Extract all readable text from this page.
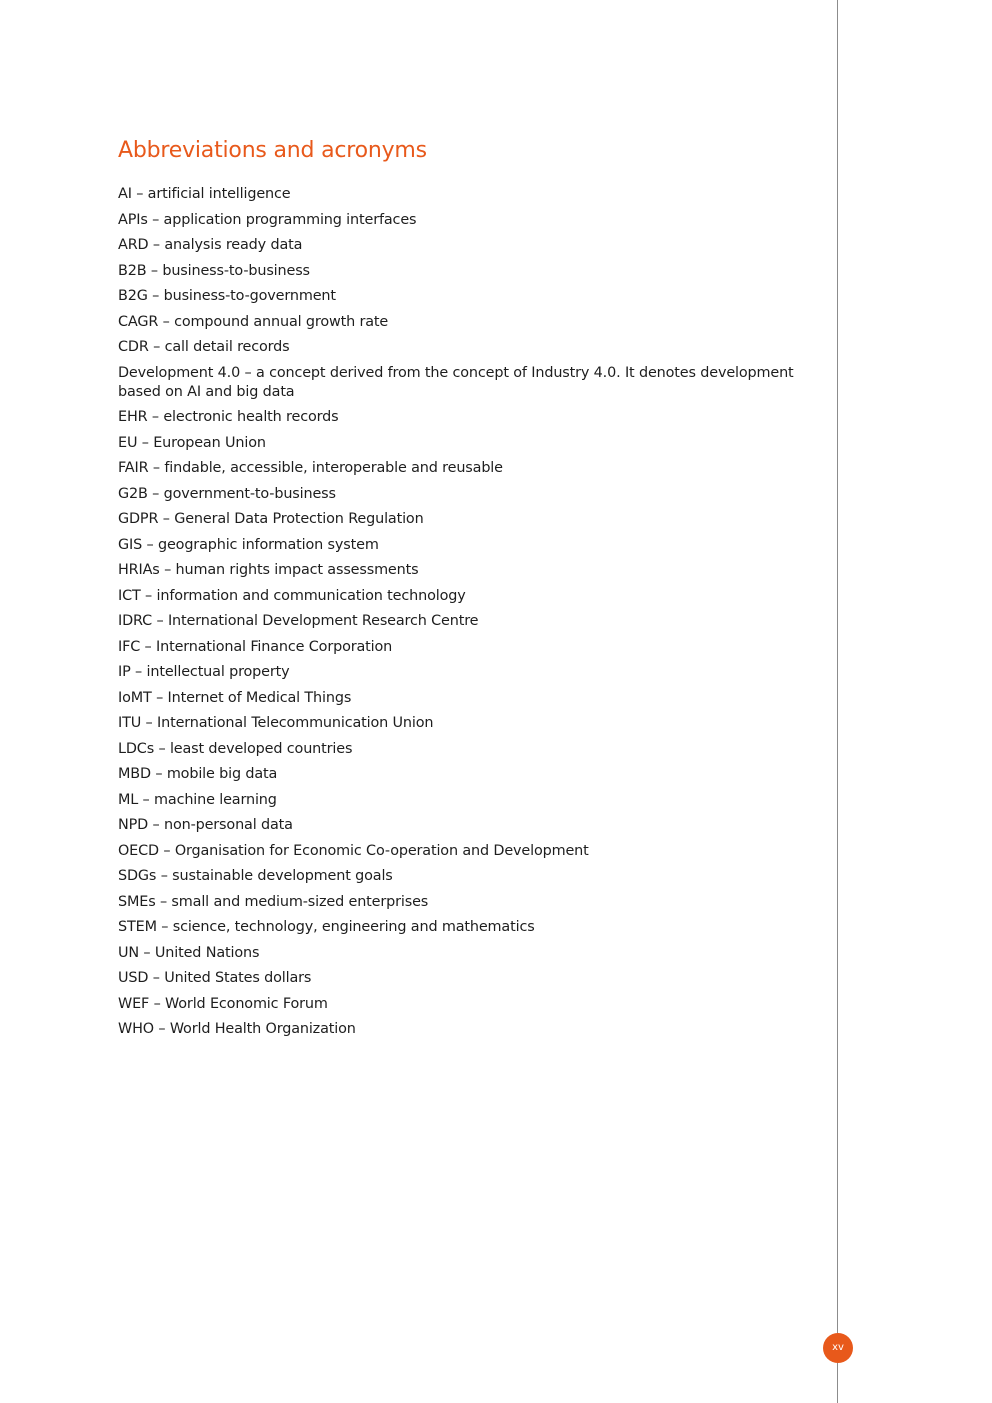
Abbreviations and acronyms
AI – artificial intelligence
APIs – application programming interfaces
ARD – analysis ready data
B2B – business-to-business
B2G – business-to-government
CAGR – compound annual growth rate
CDR – call detail records
Development 4.0 – a concept derived from the concept of Industry 4.0. It denotes development based on AI and big data
EHR – electronic health records
EU – European Union
FAIR – findable, accessible, interoperable and reusable
G2B – government-to-business
GDPR – General Data Protection Regulation
GIS – geographic information system
HRIAs – human rights impact assessments
ICT – information and communication technology
IDRC – International Development Research Centre
IFC – International Finance Corporation
IP – intellectual property
IoMT – Internet of Medical Things
ITU – International Telecommunication Union
LDCs – least developed countries
MBD – mobile big data
ML – machine learning
NPD – non-personal data
OECD – Organisation for Economic Co-operation and Development
SDGs – sustainable development goals
SMEs – small and medium-sized enterprises
STEM – science, technology, engineering and mathematics
UN – United Nations
USD – United States dollars
WEF – World Economic Forum
WHO – World Health Organization
xv
